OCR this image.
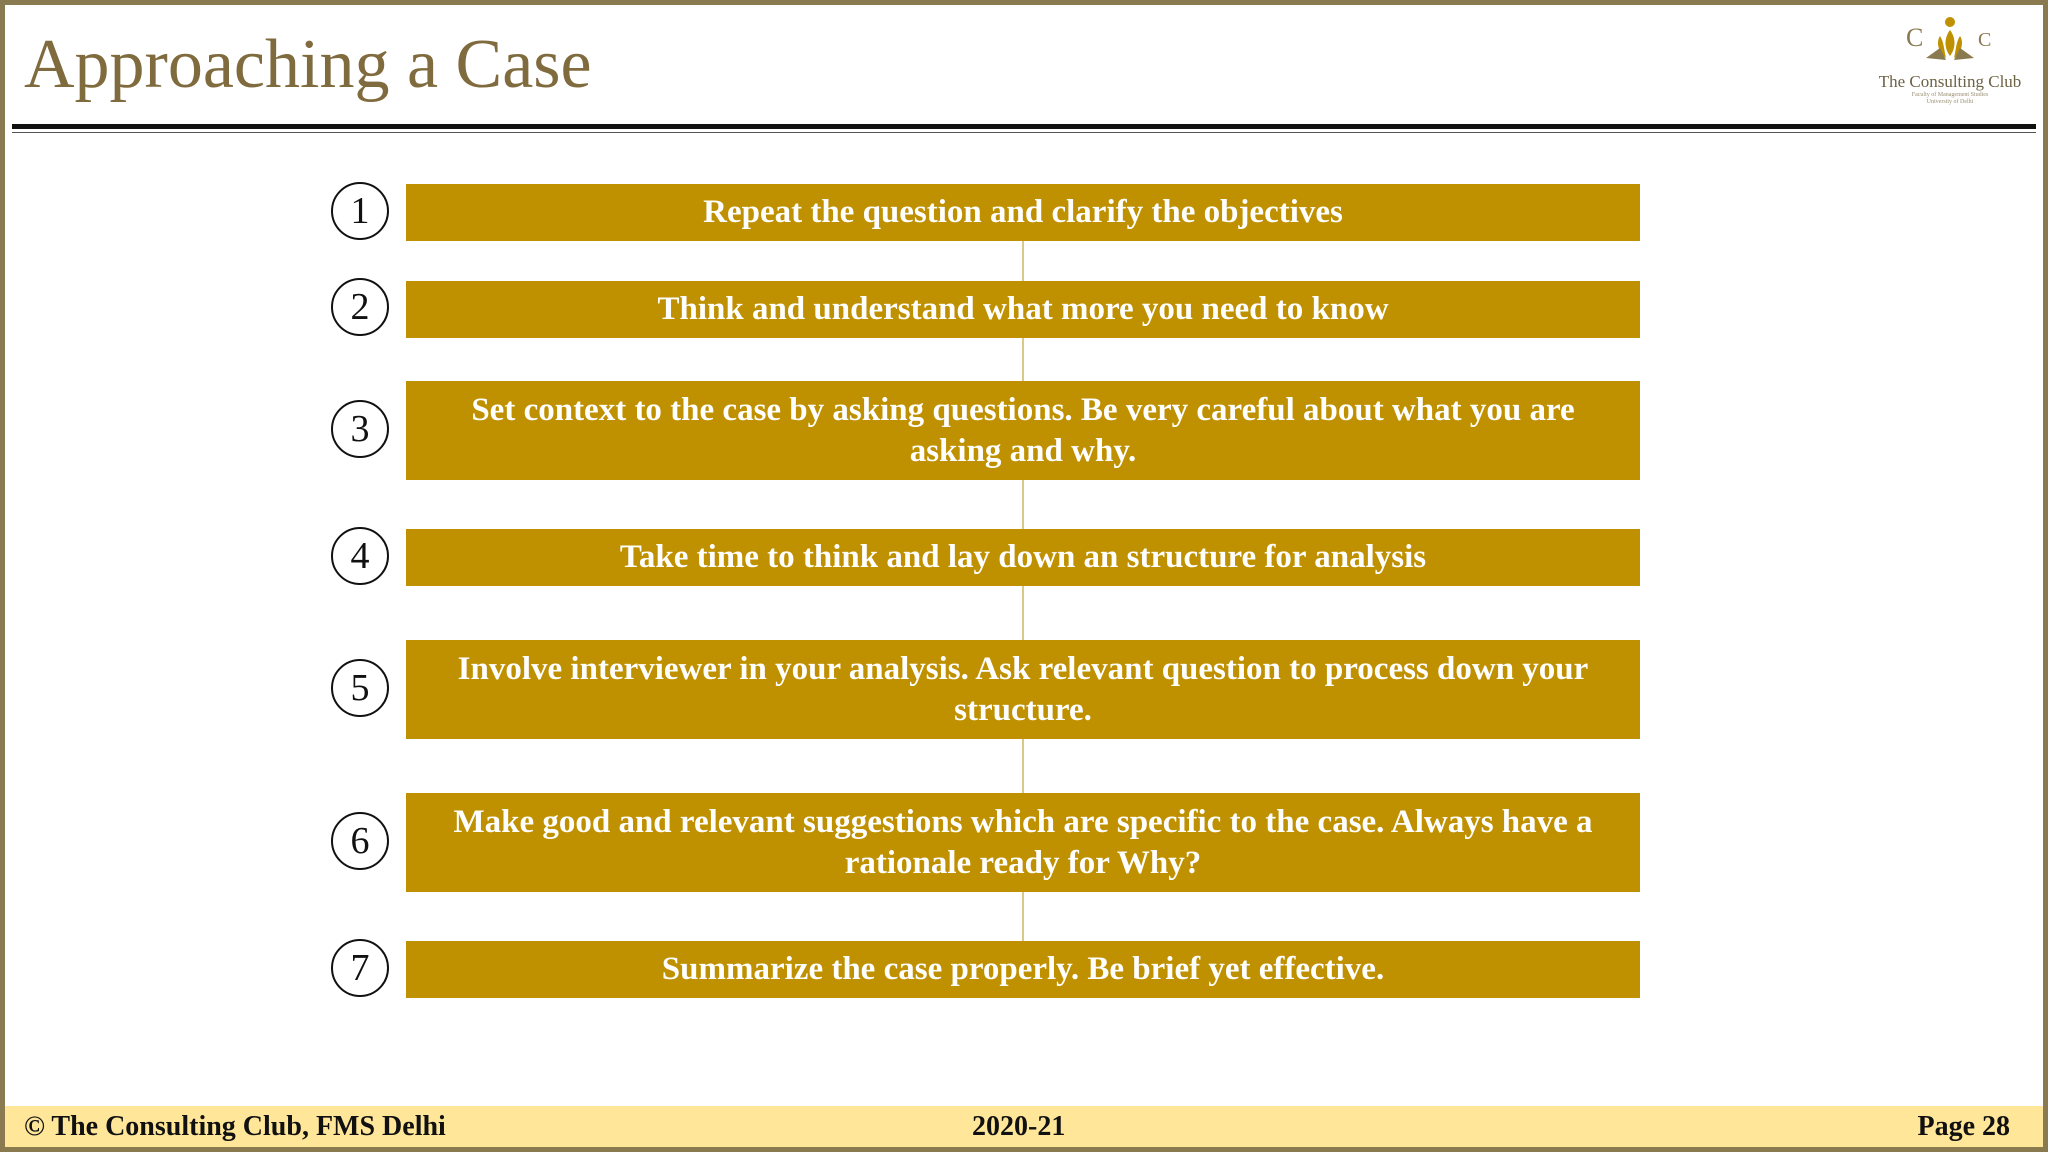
Approaching a Case	C	C
The Consulting Club
Faculty of Management Studies
University of Delhi
1	Repeat the question and clarify the objectives
2	Think and understand what more you need to know
3	Set context to the case by asking questions. Be very careful about what you are asking and why.
4	Take time to think and lay down an structure for analysis
5	Involve interviewer in your analysis. Ask relevant question to process down your structure.
6	Make good and relevant suggestions which are specific to the case. Always have a rationale ready for Why?
7	Summarize the case properly. Be brief yet effective.
© The Consulting Club, FMS Delhi	2020-21	Page 28
